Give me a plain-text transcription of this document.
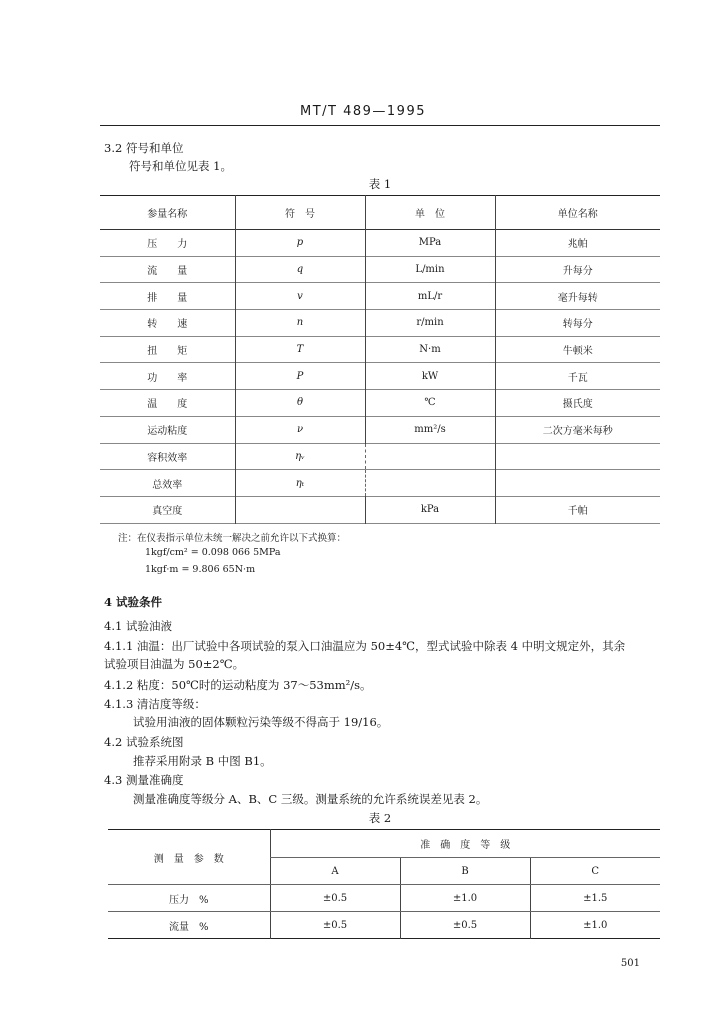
MT/T 489—1995
3.2 符号和单位
符号和单位见表 1。
表 1
参量名称	符　号	单　位	单位名称
压　　力	p	MPa	兆帕
流　　量	q	L/min	升每分
排　　量	v	mL/r	毫升每转
转　　速	n	r/min	转每分
扭　　矩	T	N·m	牛顿米
功　　率	P	kW	千瓦
温　　度	θ	℃	摄氏度
运动粘度	ν	mm²/s	二次方毫米每秒
容积效率	ηᵥ		
总效率	ηₜ		
真空度		kPa	千帕
注：在仪表指示单位未统一解决之前允许以下式换算：
1kgf/cm² = 0.098 066 5MPa
1kgf·m = 9.806 65N·m
4 试验条件
4.1 试验油液
4.1.1 油温：出厂试验中各项试验的泵入口油温应为 50±4℃，型式试验中除表 4 中明文规定外，其余
试验项目油温为 50±2℃。
4.1.2 粘度：50℃时的运动粘度为 37～53mm²/s。
4.1.3 清洁度等级：
试验用油液的固体颗粒污染等级不得高于 19/16。
4.2 试验系统图
推荐采用附录 B 中图 B1。
4.3 测量准确度
测量准确度等级分 A、B、C 三级。测量系统的允许系统误差见表 2。
表 2
测　量　参　数	准　确　度　等　级		
	A	B	C
压力　%	±0.5	±1.0	±1.5
流量　%	±0.5	±0.5	±1.0
501
